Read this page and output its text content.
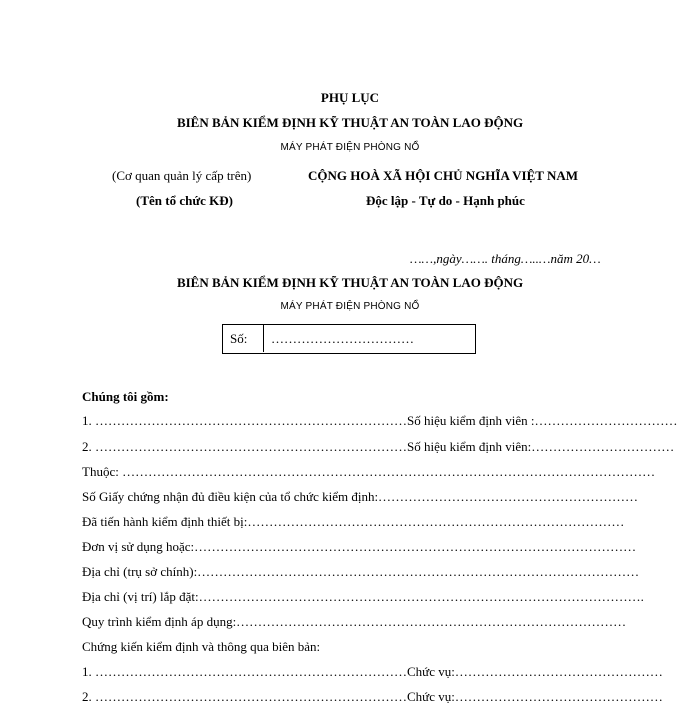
PHỤ LỤC
BIÊN BẢN KIỂM ĐỊNH KỸ THUẬT AN TOÀN LAO ĐỘNG
MÁY PHÁT ĐIỆN PHÒNG NỔ
(Cơ quan quản lý cấp trên)
(Tên tổ chức KĐ)
CỘNG HOÀ XÃ HỘI CHỦ NGHĨA VIỆT NAM
Độc lập - Tự do - Hạnh phúc
……,ngày……. tháng…..…năm 20…
BIÊN BẢN KIỂM ĐỊNH KỸ THUẬT AN TOÀN LAO ĐỘNG
MÁY PHÁT ĐIỆN PHÒNG NỔ
Số:	……………………………
Chúng tôi gồm:
1. ………………………………………………………………Số hiệu kiểm định viên :……………………………
2. ………………………………………………………………Số hiệu kiểm định viên:……………………………
Thuộc: ……………………………………………………………………………………………………………
Số Giấy chứng nhận đủ điều kiện của tổ chức kiểm định:……………………………………………………
Đã tiến hành kiểm định thiết bị:……………………………………………………………………………
Đơn vị sử dụng hoặc:…………………………………………………………………………………………
Địa chỉ (trụ sở chính):…………………………………………………………………………………………
Địa chỉ (vị trí) lắp đặt:………………………………………………………………………………………….
Quy trình kiểm định áp dụng:………………………………………………………………………………
Chứng kiến kiểm định và thông qua biên bản:
1. ………………………………………………………………Chức vụ:…………………………………………
2. ………………………………………………………………Chức vụ:…………………………………………
